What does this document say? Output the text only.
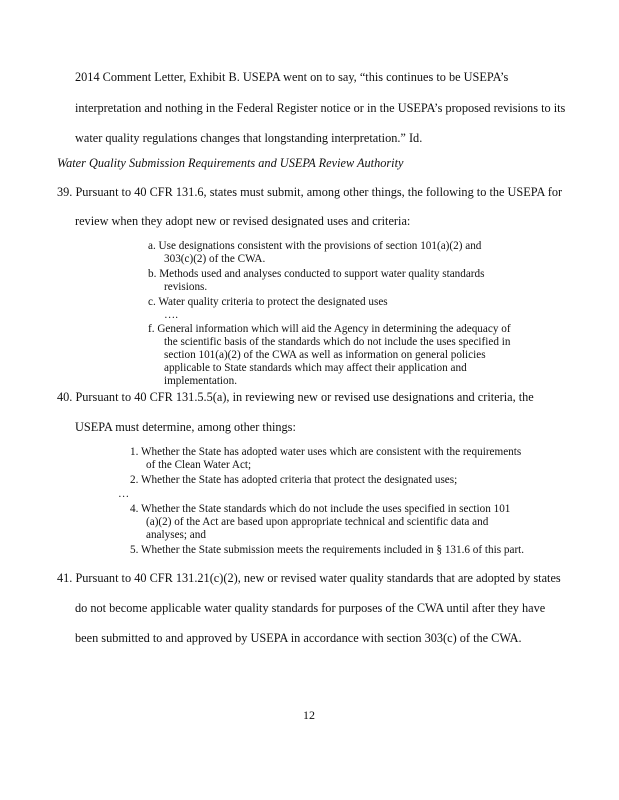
2014 Comment Letter, Exhibit B. USEPA went on to say, “this continues to be USEPA’s
interpretation and nothing in the Federal Register notice or in the USEPA’s proposed revisions to its
water quality regulations changes that longstanding interpretation.” Id.
Water Quality Submission Requirements and USEPA Review Authority
39. Pursuant to 40 CFR 131.6, states must submit, among other things, the following to the USEPA for
review when they adopt new or revised designated uses and criteria:
a. Use designations consistent with the provisions of section 101(a)(2) and
303(c)(2) of the CWA.
b. Methods used and analyses conducted to support water quality standards
revisions.
c. Water quality criteria to protect the designated uses
….
f. General information which will aid the Agency in determining the adequacy of
the scientific basis of the standards which do not include the uses specified in
section 101(a)(2) of the CWA as well as information on general policies
applicable to State standards which may affect their application and
implementation.
40. Pursuant to 40 CFR 131.5.5(a), in reviewing new or revised use designations and criteria, the
USEPA must determine, among other things:
1. Whether the State has adopted water uses which are consistent with the requirements
of the Clean Water Act;
2. Whether the State has adopted criteria that protect the designated uses;
…
4. Whether the State standards which do not include the uses specified in section 101
(a)(2) of the Act are based upon appropriate technical and scientific data and
analyses; and
5. Whether the State submission meets the requirements included in § 131.6 of this part.
41. Pursuant to 40 CFR 131.21(c)(2), new or revised water quality standards that are adopted by states
do not become applicable water quality standards for purposes of the CWA until after they have
been submitted to and approved by USEPA in accordance with section 303(c) of the CWA.
12
